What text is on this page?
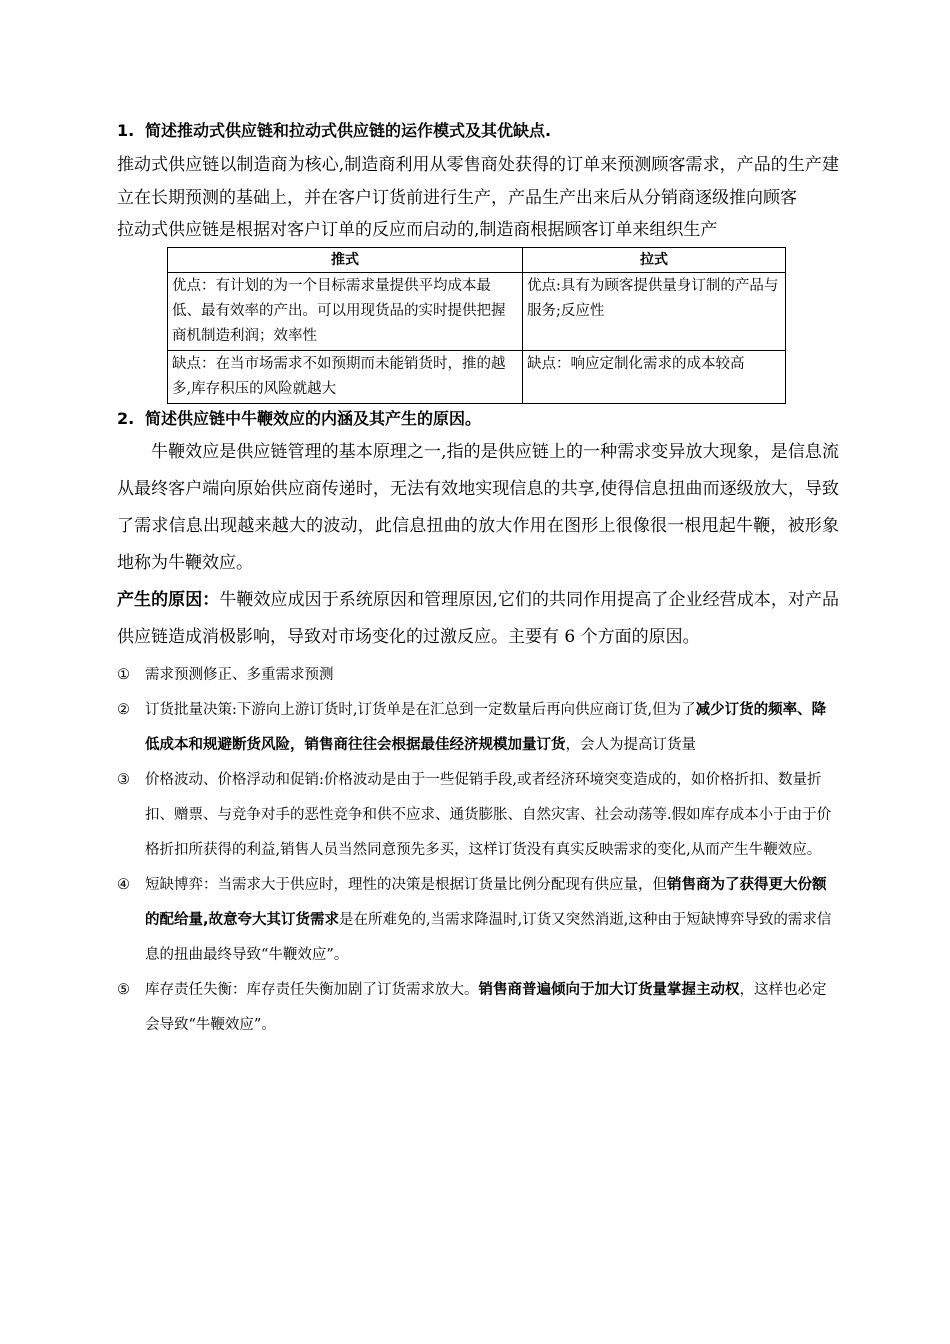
1. 简述推动式供应链和拉动式供应链的运作模式及其优缺点.

推动式供应链以制造商为核心,制造商利用从零售商处获得的订单来预测顾客需求，产品的生产建立在长期预测的基础上，并在客户订货前进行生产，产品生产出来后从分销商逐级推向顾客

拉动式供应链是根据对客户订单的反应而启动的,制造商根据顾客订单来组织生产

推式	拉式
优点：有计划的为一个目标需求量提供平均成本最低、最有效率的产出。可以用现货品的实时提供把握商机制造利润；效率性	优点:具有为顾客提供量身订制的产品与服务;反应性
缺点：在当市场需求不如预期而未能销货时，推的越多,库存积压的风险就越大	缺点：响应定制化需求的成本较高

2. 简述供应链中牛鞭效应的内涵及其产生的原因。

牛鞭效应是供应链管理的基本原理之一,指的是供应链上的一种需求变异放大现象，是信息流从最终客户端向原始供应商传递时，无法有效地实现信息的共享,使得信息扭曲而逐级放大，导致了需求信息出现越来越大的波动，此信息扭曲的放大作用在图形上很像很一根甩起牛鞭，被形象地称为牛鞭效应。

产生的原因：牛鞭效应成因于系统原因和管理原因,它们的共同作用提高了企业经营成本，对产品供应链造成消极影响，导致对市场变化的过激反应。主要有 6 个方面的原因。

① 需求预测修正、多重需求预测
② 订货批量决策:下游向上游订货时,订货单是在汇总到一定数量后再向供应商订货,但为了减少订货的频率、降低成本和规避断货风险，销售商往往会根据最佳经济规模加量订货，会人为提高订货量
③ 价格波动、价格浮动和促销:价格波动是由于一些促销手段,或者经济环境突变造成的，如价格折扣、数量折扣、赠票、与竞争对手的恶性竞争和供不应求、通货膨胀、自然灾害、社会动荡等.假如库存成本小于由于价格折扣所获得的利益,销售人员当然同意预先多买，这样订货没有真实反映需求的变化,从而产生牛鞭效应。
④ 短缺博弈：当需求大于供应时，理性的决策是根据订货量比例分配现有供应量，但销售商为了获得更大份额的配给量,故意夸大其订货需求是在所难免的,当需求降温时,订货又突然消逝,这种由于短缺博弈导致的需求信息的扭曲最终导致“牛鞭效应”。
⑤ 库存责任失衡：库存责任失衡加剧了订货需求放大。销售商普遍倾向于加大订货量掌握主动权，这样也必定会导致“牛鞭效应”。
